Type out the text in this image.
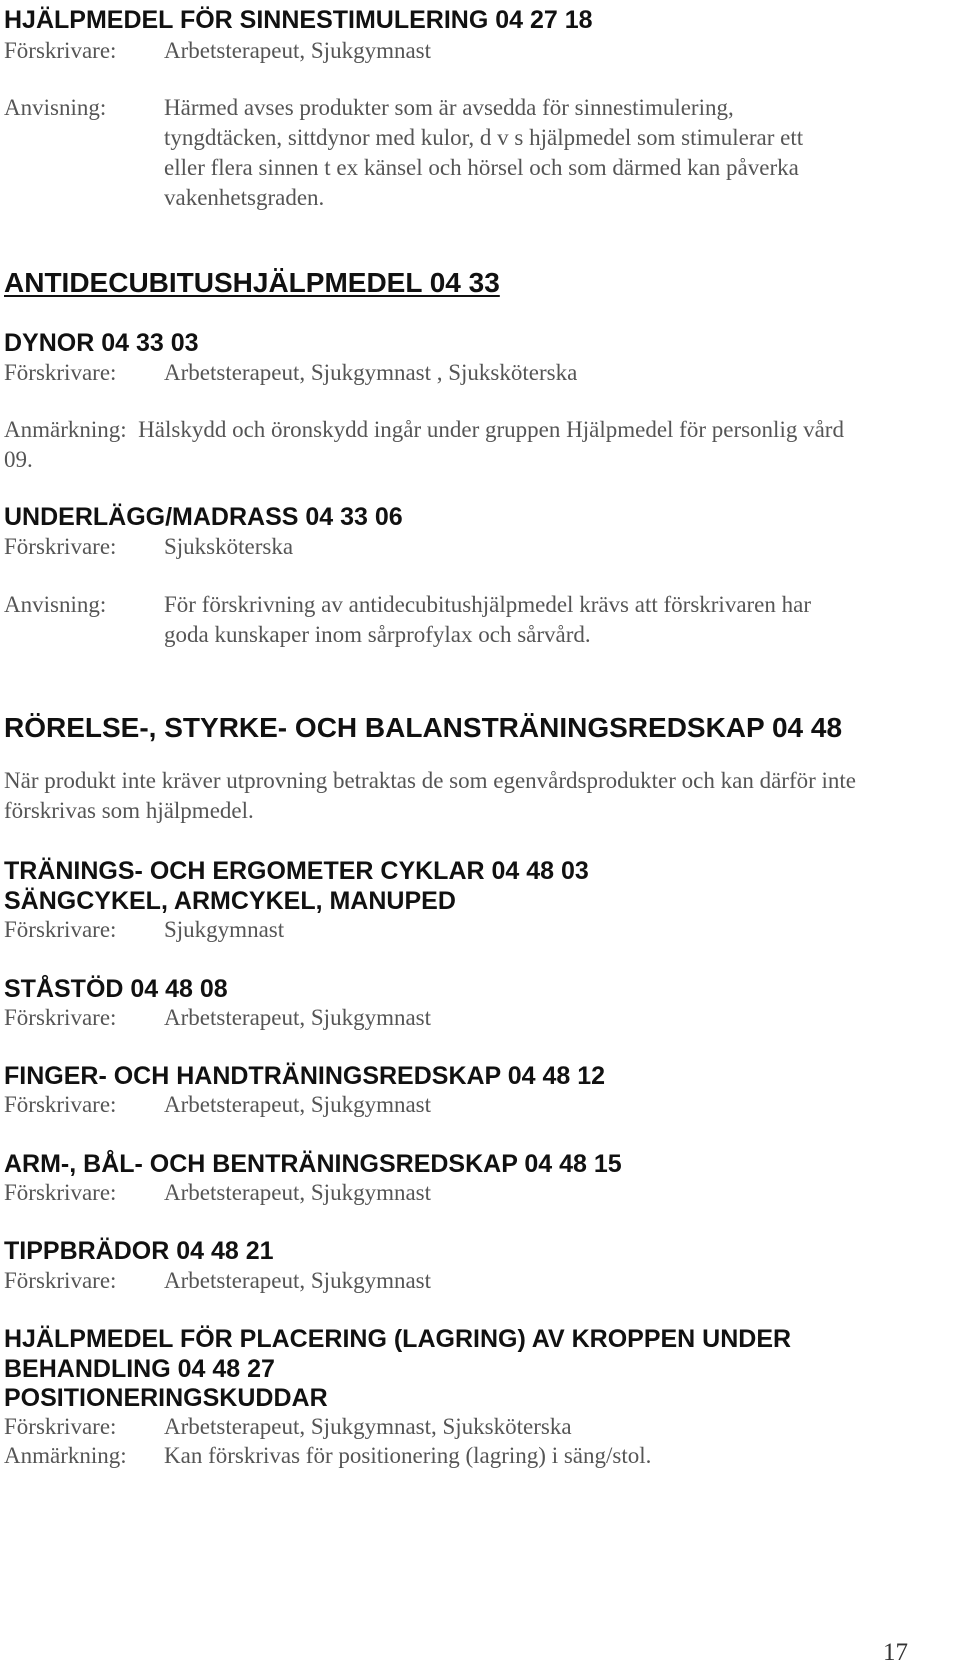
HJÄLPMEDEL FÖR SINNESTIMULERING 04 27 18
Förskrivare: Arbetsterapeut, Sjukgymnast
Anvisning:	Härmed avses produkter som är avsedda för sinnestimulering, tyngdtäcken, sittdynor med kulor, d v s hjälpmedel som stimulerar ett eller flera sinnen t ex känsel och hörsel och som därmed kan påverka vakenhetsgraden.
ANTIDECUBITUSHJÄLPMEDEL 04 33
DYNOR 04 33 03
Förskrivare: Arbetsterapeut, Sjukgymnast , Sjuksköterska

Anmärkning: Hälskydd och öronskydd ingår under gruppen Hjälpmedel för personlig vård 09.

UNDERLÄGG/MADRASS 04 33 06
Förskrivare: Sjuksköterska
Anvisning:	För förskrivning av antidecubitushjälpmedel krävs att förskrivaren har goda kunskaper inom sårprofylax och sårvård.
RÖRELSE-, STYRKE- OCH BALANSTRÄNINGSREDSKAP 04 48

När produkt inte kräver utprovning betraktas de som egenvårdsprodukter och kan därför inte förskrivas som hjälpmedel.

TRÄNINGS- OCH ERGOMETER CYKLAR 04 48 03
SÄNGCYKEL, ARMCYKEL, MANUPED
Förskrivare: Sjukgymnast
STÅSTÖD 04 48 08
Förskrivare: Arbetsterapeut, Sjukgymnast
FINGER- OCH HANDTRÄNINGSREDSKAP 04 48 12
Förskrivare: Arbetsterapeut, Sjukgymnast
ARM-, BÅL- OCH BENTRÄNINGSREDSKAP 04 48 15
Förskrivare: Arbetsterapeut, Sjukgymnast
TIPPBRÄDOR 04 48 21
Förskrivare: Arbetsterapeut, Sjukgymnast
HJÄLPMEDEL FÖR PLACERING (LAGRING) AV KROPPEN UNDER
BEHANDLING 04 48 27
POSITIONERINGSKUDDAR
Förskrivare: Arbetsterapeut, Sjukgymnast, Sjuksköterska
Anmärkning: Kan förskrivas för positionering (lagring) i säng/stol.
17
